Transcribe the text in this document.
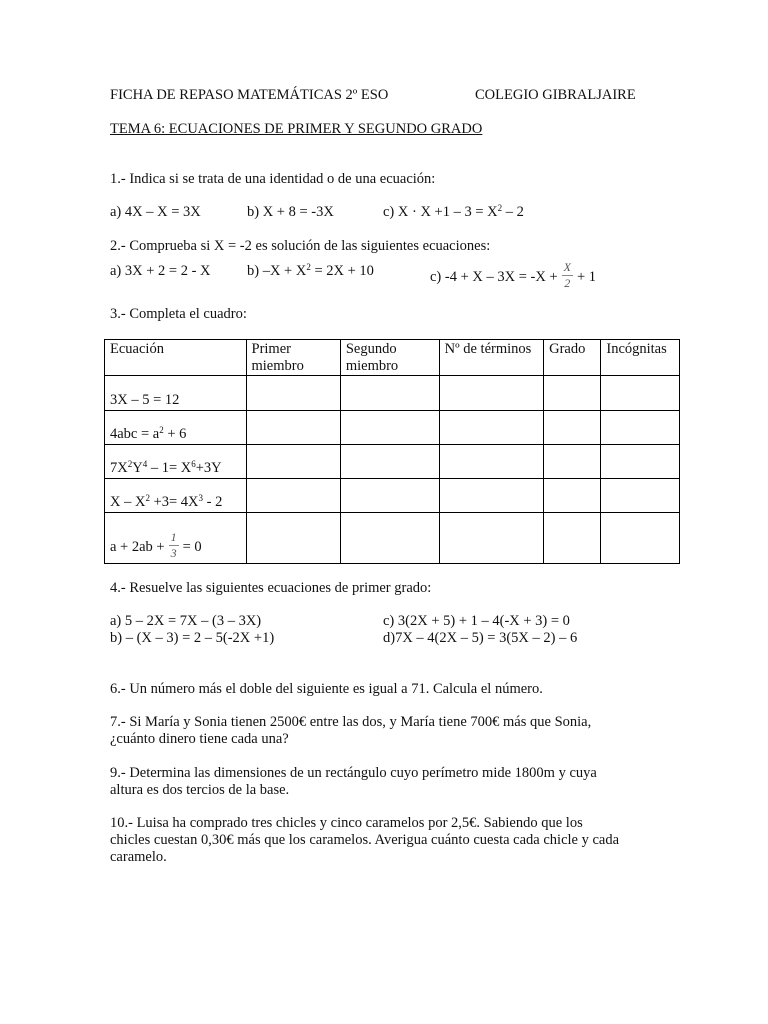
FICHA DE REPASO MATEMÁTICAS 2º ESO	COLEGIO GIBRALJAIRE
TEMA 6: ECUACIONES DE PRIMER Y SEGUNDO GRADO
1.- Indica si se trata de una identidad o de una ecuación:
a) 4X – X = 3X	b) X + 8 = -3X	c) $X \cdot X +1 - 3 = X^2 - 2$
2.- Comprueba si X = -2 es solución de las siguientes ecuaciones:
a) 3X + 2 = 2 - X	b) $-X + X^2 = 2X + 10$	c) $-4 + X - 3X = -X + \frac{X}{2} + 1$
3.- Completa el cuadro:
Ecuación	Primer miembro	Segundo miembro	Nº de términos	Grado	Incógnitas
3X – 5 = 12					
$4abc = a^2 + 6$					
$7X^2Y^4 - 1= X^6+3Y$					
$X - X^2 +3= 4X^3 - 2$					
$a + 2ab + \frac{1}{3} = 0$					
4.- Resuelve las siguientes ecuaciones de primer grado:
a) 5 – 2X = 7X – (3 – 3X)
b) – (X – 3) = 2 – 5(-2X +1)
c) 3(2X + 5) + 1 – 4(-X + 3) = 0
d)7X – 4(2X – 5) = 3(5X – 2) – 6
6.- Un número más el doble del siguiente es igual a 71. Calcula el número.
7.- Si María y Sonia tienen 2500€ entre las dos, y María tiene 700€ más que Sonia,
¿cuánto dinero tiene cada una?
9.- Determina las dimensiones de un rectángulo cuyo perímetro mide 1800m y cuya
altura es dos tercios de la base.
10.- Luisa ha comprado tres chicles y cinco caramelos por 2,5€. Sabiendo que los
chicles cuestan 0,30€ más que los caramelos. Averigua cuánto cuesta cada chicle y cada
caramelo.
